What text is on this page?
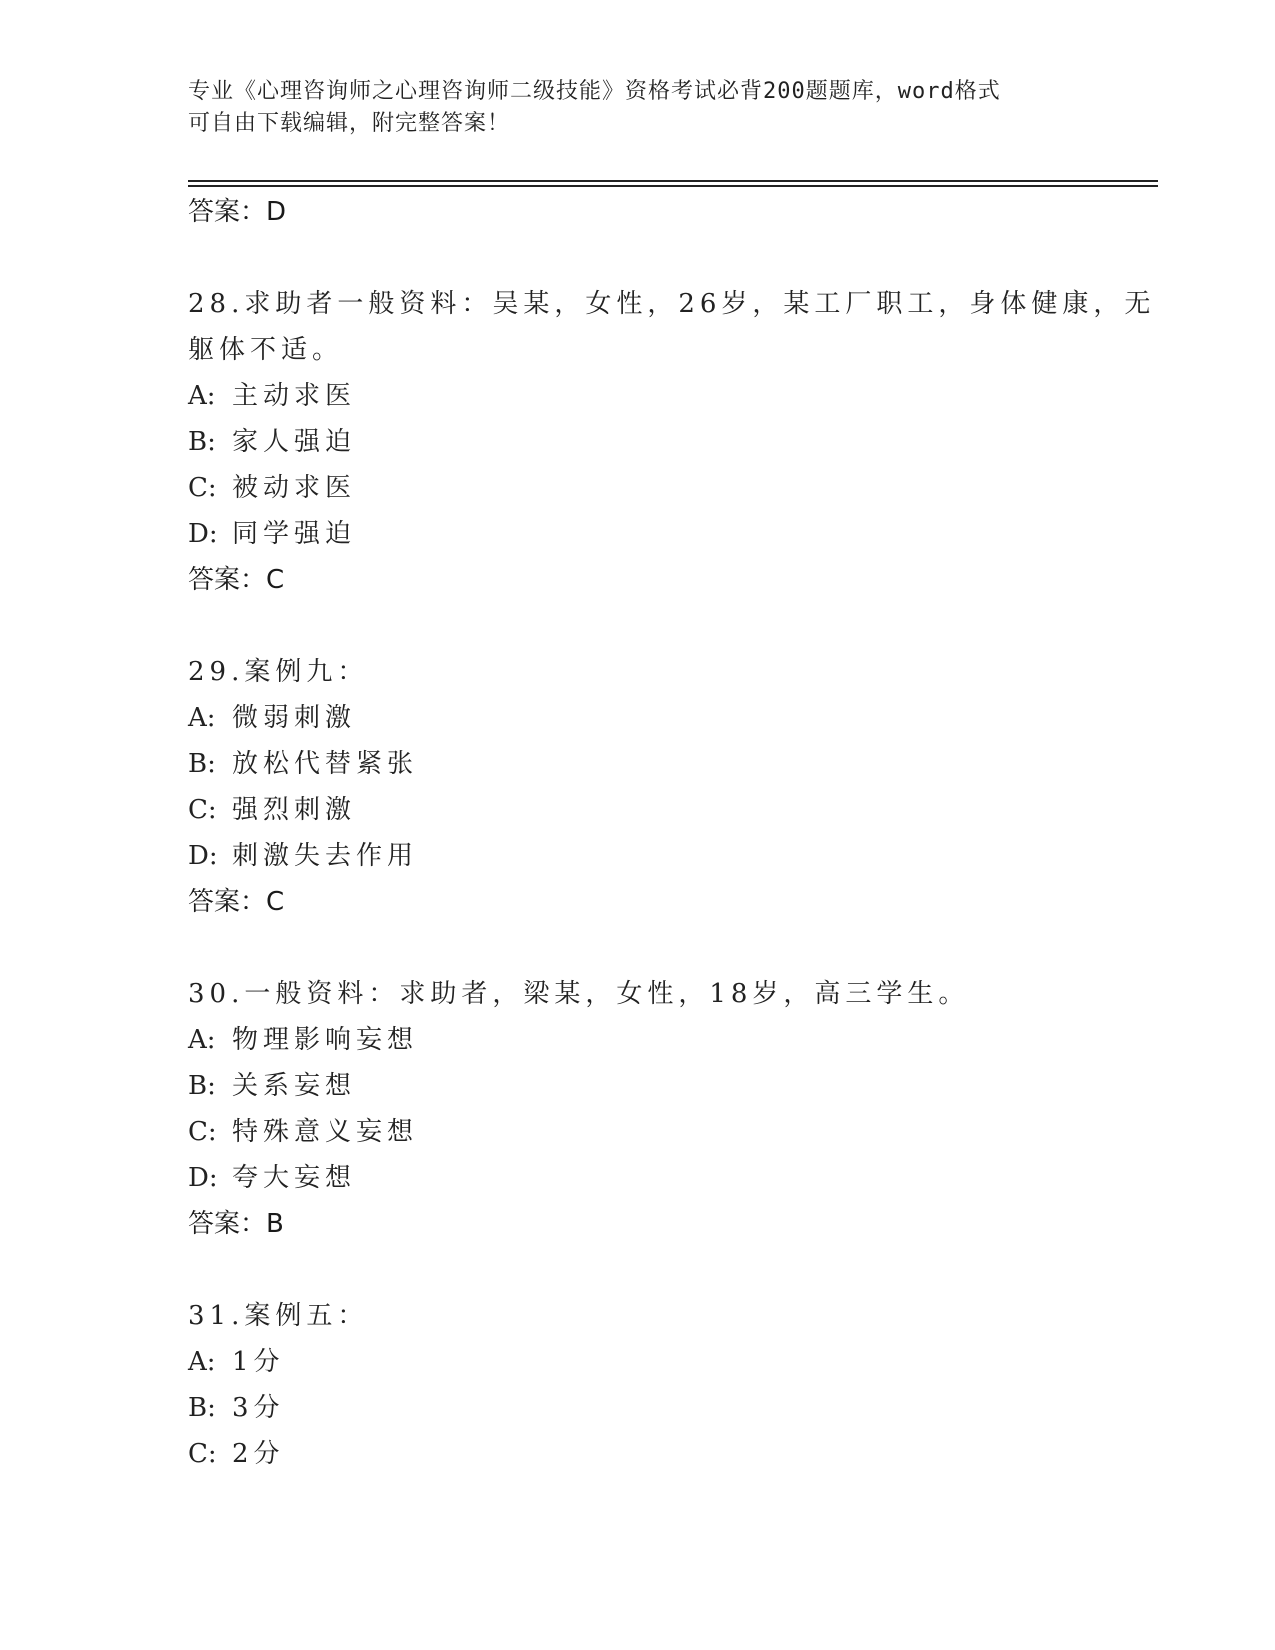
专业《心理咨询师之心理咨询师二级技能》资格考试必背200题题库，word格式
可自由下载编辑，附完整答案！
答案：D
28.求助者一般资料：吴某，女性，26岁，某工厂职工，身体健康，无
躯体不适。
A: 主动求医
B: 家人强迫
C: 被动求医
D: 同学强迫
答案：C
29.案例九：
A: 微弱刺激
B: 放松代替紧张
C: 强烈刺激
D: 刺激失去作用
答案：C
30.一般资料：求助者，梁某，女性，18岁，高三学生。
A: 物理影响妄想
B: 关系妄想
C: 特殊意义妄想
D: 夸大妄想
答案：B
31.案例五：
A: 1分
B: 3分
C: 2分
